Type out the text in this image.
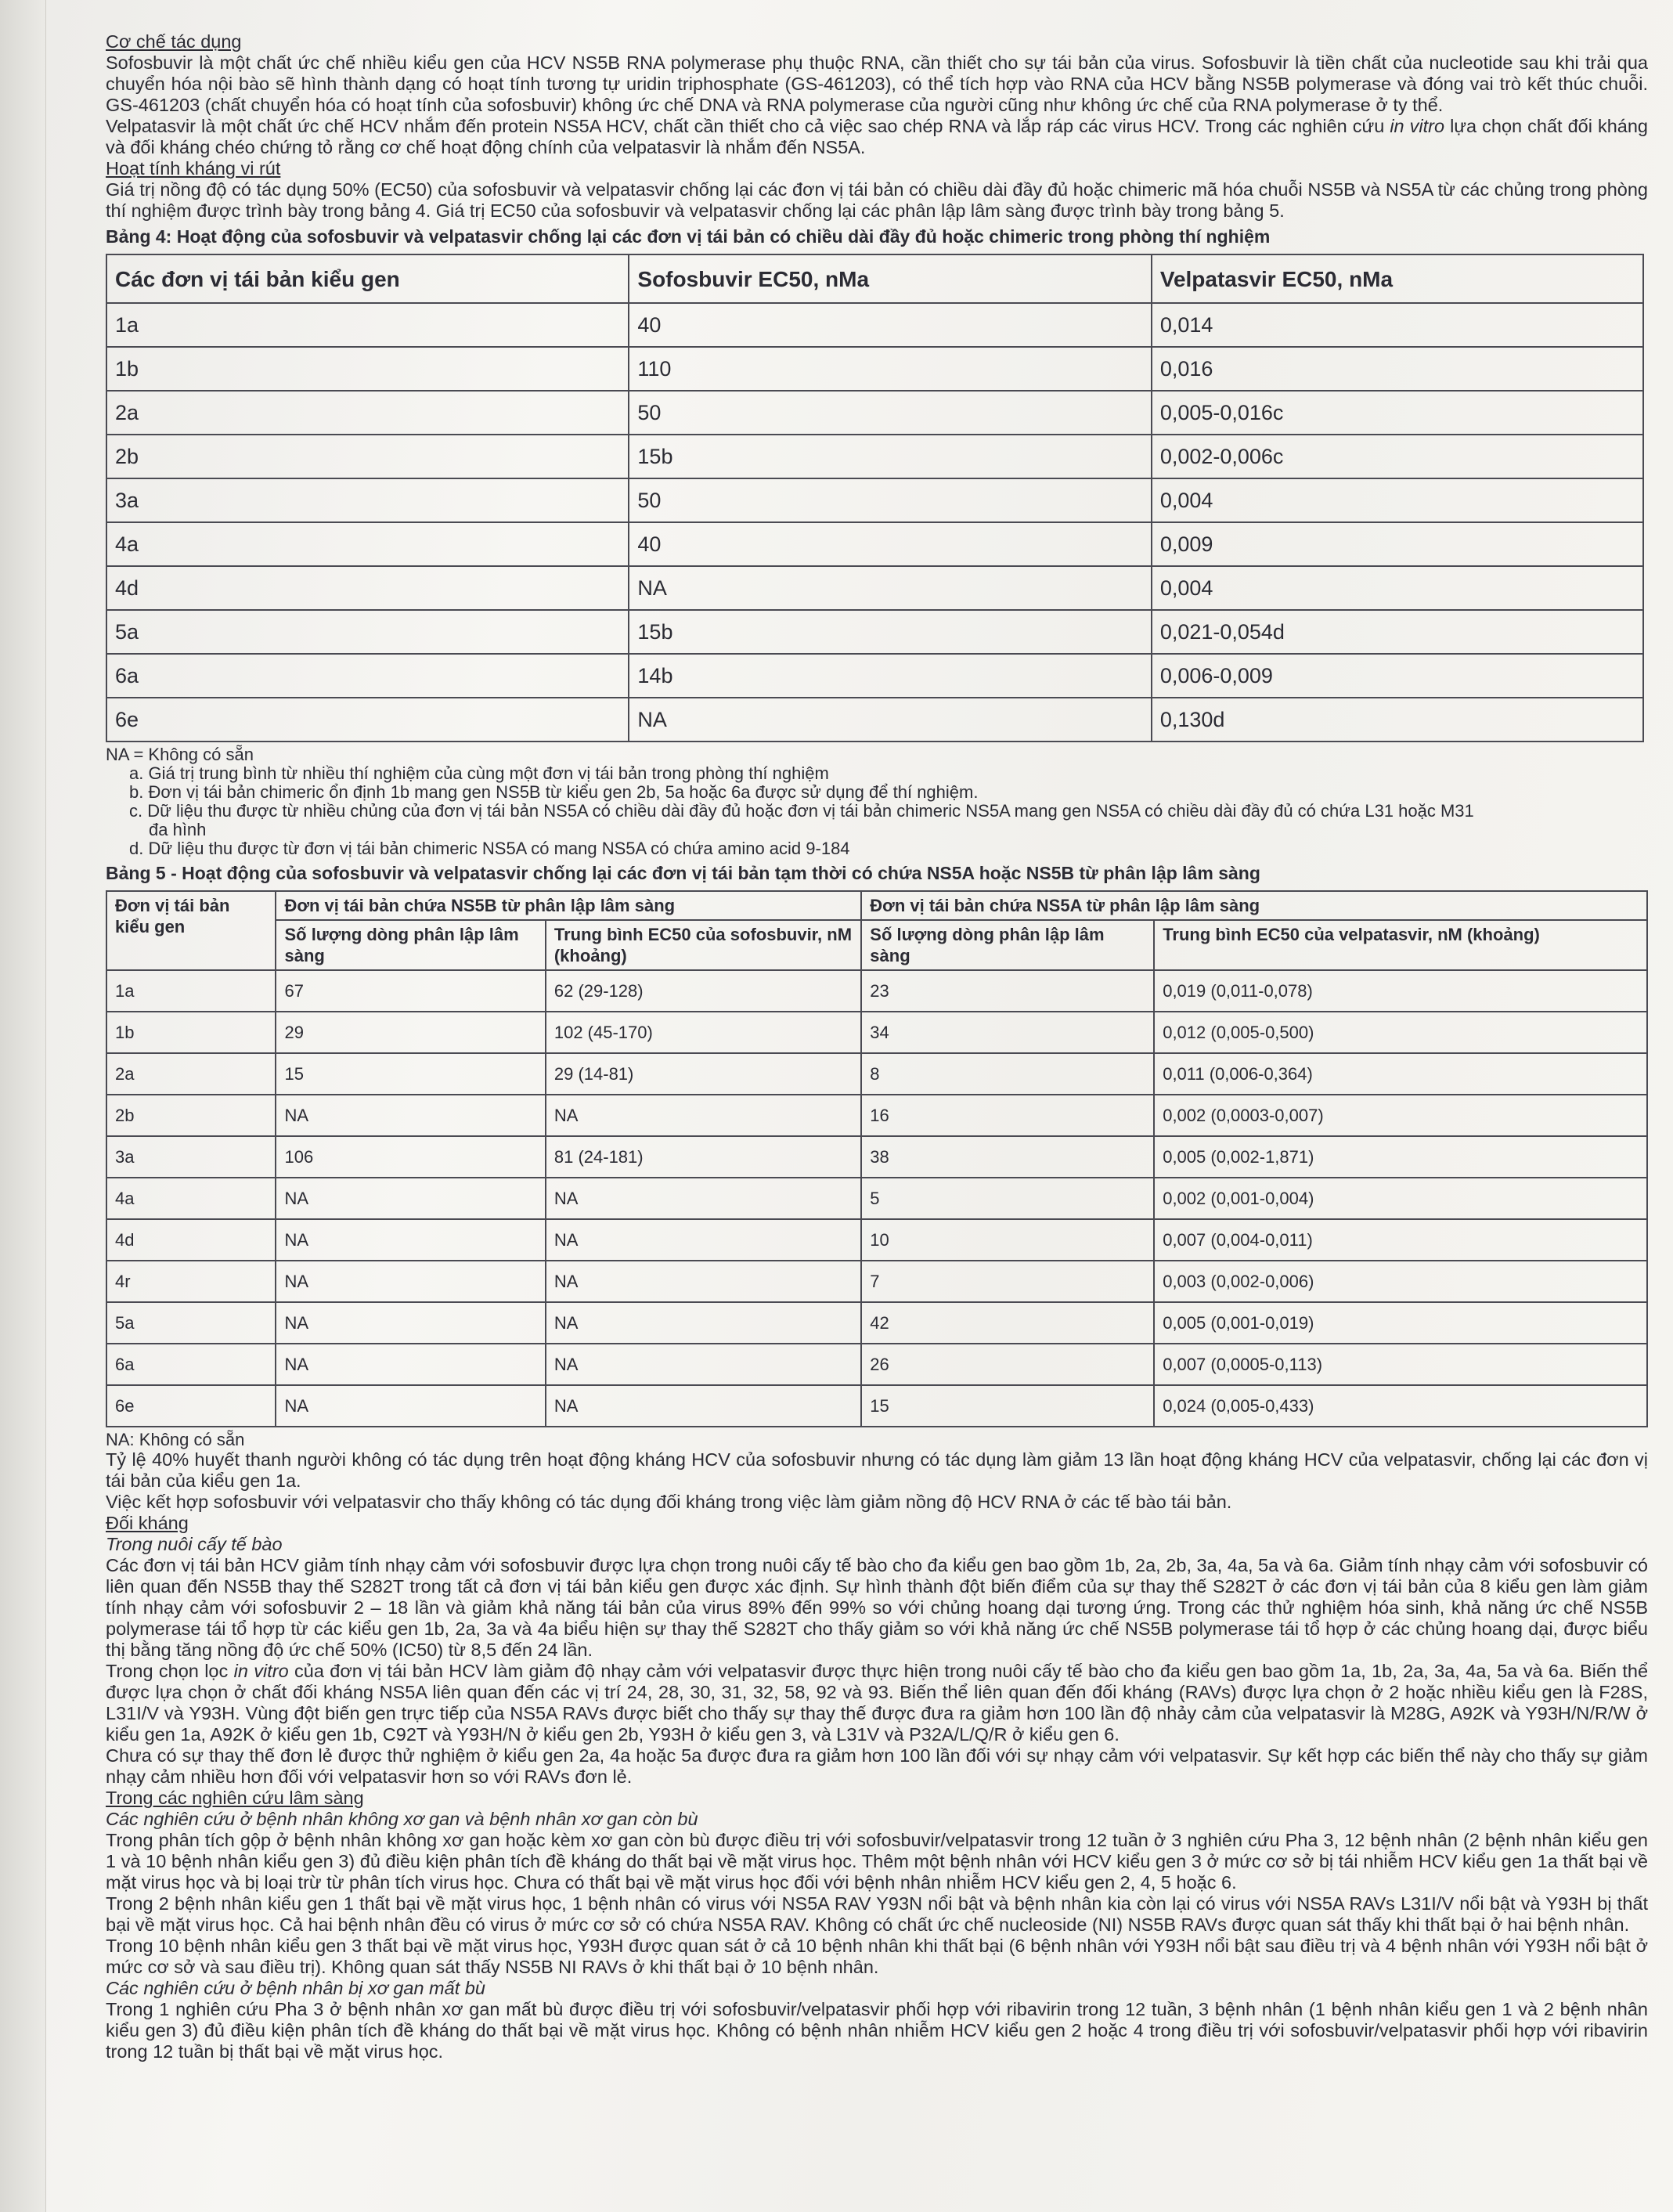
Cơ chế tác dụng

Sofosbuvir là một chất ức chế nhiều kiểu gen của HCV NS5B RNA polymerase phụ thuộc RNA, cần thiết cho sự tái bản của virus. Sofosbuvir là tiền chất của nucleotide sau khi trải qua chuyển hóa nội bào sẽ hình thành dạng có hoạt tính tương tự uridin triphosphate (GS-461203), có thể tích hợp vào RNA của HCV bằng NS5B polymerase và đóng vai trò kết thúc chuỗi. GS-461203 (chất chuyển hóa có hoạt tính của sofosbuvir) không ức chế DNA và RNA polymerase của người cũng như không ức chế của RNA polymerase ở ty thể.

Velpatasvir là một chất ức chế HCV nhắm đến protein NS5A HCV, chất cần thiết cho cả việc sao chép RNA và lắp ráp các virus HCV. Trong các nghiên cứu in vitro lựa chọn chất đối kháng và đối kháng chéo chứng tỏ rằng cơ chế hoạt động chính của velpatasvir là nhắm đến NS5A.

Hoạt tính kháng vi rút

Giá trị nồng độ có tác dụng 50% (EC50) của sofosbuvir và velpatasvir chống lại các đơn vị tái bản có chiều dài đầy đủ hoặc chimeric mã hóa chuỗi NS5B và NS5A từ các chủng trong phòng thí nghiệm được trình bày trong bảng 4. Giá trị EC50 của sofosbuvir và velpatasvir chống lại các phân lập lâm sàng được trình bày trong bảng 5.

Bảng 4: Hoạt động của sofosbuvir và velpatasvir chống lại các đơn vị tái bản có chiều dài đầy đủ hoặc chimeric trong phòng thí nghiệm

Các đơn vị tái bản kiểu gen	Sofosbuvir EC50, nMa	Velpatasvir EC50, nMa
1a	40	0,014
1b	110	0,016
2a	50	0,005-0,016c
2b	15b	0,002-0,006c
3a	50	0,004
4a	40	0,009
4d	NA	0,004
5a	15b	0,021-0,054d
6a	14b	0,006-0,009
6e	NA	0,130d
NA = Không có sẵn
a. Giá trị trung bình từ nhiều thí nghiệm của cùng một đơn vị tái bản trong phòng thí nghiệm
b. Đơn vị tái bản chimeric ổn định 1b mang gen NS5B từ kiểu gen 2b, 5a hoặc 6a được sử dụng để thí nghiệm.
c. Dữ liệu thu được từ nhiều chủng của đơn vị tái bản NS5A có chiều dài đầy đủ hoặc đơn vị tái bản chimeric NS5A mang gen NS5A có chiều dài đầy đủ có chứa L31 hoặc M31
đa hình
d. Dữ liệu thu được từ đơn vị tái bản chimeric NS5A có mang NS5A có chứa amino acid 9-184

Bảng 5 - Hoạt động của sofosbuvir và velpatasvir chống lại các đơn vị tái bản tạm thời có chứa NS5A hoặc NS5B từ phân lập lâm sàng

Đơn vị tái bản kiểu gen	Đơn vị tái bản chứa NS5B từ phân lập lâm sàng		Đơn vị tái bản chứa NS5A từ phân lập lâm sàng	
	Số lượng dòng phân lập lâm sàng	Trung bình EC50 của sofosbuvir, nM (khoảng)	Số lượng dòng phân lập lâm sàng	Trung bình EC50 của velpatasvir, nM (khoảng)
1a	67	62 (29-128)	23	0,019 (0,011-0,078)
1b	29	102 (45-170)	34	0,012 (0,005-0,500)
2a	15	29 (14-81)	8	0,011 (0,006-0,364)
2b	NA	NA	16	0,002 (0,0003-0,007)
3a	106	81 (24-181)	38	0,005 (0,002-1,871)
4a	NA	NA	5	0,002 (0,001-0,004)
4d	NA	NA	10	0,007 (0,004-0,011)
4r	NA	NA	7	0,003 (0,002-0,006)
5a	NA	NA	42	0,005 (0,001-0,019)
6a	NA	NA	26	0,007 (0,0005-0,113)
6e	NA	NA	15	0,024 (0,005-0,433)
NA: Không có sẵn

Tỷ lệ 40% huyết thanh người không có tác dụng trên hoạt động kháng HCV của sofosbuvir nhưng có tác dụng làm giảm 13 lần hoạt động kháng HCV của velpatasvir, chống lại các đơn vị tái bản của kiểu gen 1a.

Việc kết hợp sofosbuvir với velpatasvir cho thấy không có tác dụng đối kháng trong việc làm giảm nồng độ HCV RNA ở các tế bào tái bản.

Đối kháng

Trong nuôi cấy tế bào

Các đơn vị tái bản HCV giảm tính nhạy cảm với sofosbuvir được lựa chọn trong nuôi cấy tế bào cho đa kiểu gen bao gồm 1b, 2a, 2b, 3a, 4a, 5a và 6a. Giảm tính nhạy cảm với sofosbuvir có liên quan đến NS5B thay thế S282T trong tất cả đơn vị tái bản kiểu gen được xác định. Sự hình thành đột biến điểm của sự thay thế S282T ở các đơn vị tái bản của 8 kiểu gen làm giảm tính nhạy cảm với sofosbuvir 2 – 18 lần và giảm khả năng tái bản của virus 89% đến 99% so với chủng hoang dại tương ứng. Trong các thử nghiệm hóa sinh, khả năng ức chế NS5B polymerase tái tổ hợp từ các kiểu gen 1b, 2a, 3a và 4a biểu hiện sự thay thế S282T cho thấy giảm so với khả năng ức chế NS5B polymerase tái tổ hợp ở các chủng hoang dại, được biểu thị bằng tăng nồng độ ức chế 50% (IC50) từ 8,5 đến 24 lần.

Trong chọn lọc in vitro của đơn vị tái bản HCV làm giảm độ nhạy cảm với velpatasvir được thực hiện trong nuôi cấy tế bào cho đa kiểu gen bao gồm 1a, 1b, 2a, 3a, 4a, 5a và 6a. Biến thể được lựa chọn ở chất đối kháng NS5A liên quan đến các vị trí 24, 28, 30, 31, 32, 58, 92 và 93. Biến thể liên quan đến đối kháng (RAVs) được lựa chọn ở 2 hoặc nhiều kiểu gen là F28S, L31I/V và Y93H. Vùng đột biến gen trực tiếp của NS5A RAVs được biết cho thấy sự thay thế được đưa ra giảm hơn 100 lần độ nhảy cảm của velpatasvir là M28G, A92K và Y93H/N/R/W ở kiểu gen 1a, A92K ở kiểu gen 1b, C92T và Y93H/N ở kiểu gen 2b, Y93H ở kiểu gen 3, và L31V và P32A/L/Q/R ở kiểu gen 6.

Chưa có sự thay thế đơn lẻ được thử nghiệm ở kiểu gen 2a, 4a hoặc 5a được đưa ra giảm hơn 100 lần đối với sự nhạy cảm với velpatasvir. Sự kết hợp các biến thể này cho thấy sự giảm nhạy cảm nhiều hơn đối với velpatasvir hơn so với RAVs đơn lẻ.

Trong các nghiên cứu lâm sàng

Các nghiên cứu ở bệnh nhân không xơ gan và bệnh nhân xơ gan còn bù

Trong phân tích gộp ở bệnh nhân không xơ gan hoặc kèm xơ gan còn bù được điều trị với sofosbuvir/velpatasvir trong 12 tuần ở 3 nghiên cứu Pha 3, 12 bệnh nhân (2 bệnh nhân kiểu gen 1 và 10 bệnh nhân kiểu gen 3) đủ điều kiện phân tích đề kháng do thất bại về mặt virus học. Thêm một bệnh nhân với HCV kiểu gen 3 ở mức cơ sở bị tái nhiễm HCV kiểu gen 1a thất bại về mặt virus học và bị loại trừ từ phân tích virus học. Chưa có thất bại về mặt virus học đối với bệnh nhân nhiễm HCV kiểu gen 2, 4, 5 hoặc 6.

Trong 2 bệnh nhân kiểu gen 1 thất bại về mặt virus học, 1 bệnh nhân có virus với NS5A RAV Y93N nổi bật và bệnh nhân kia còn lại có virus với NS5A RAVs L31I/V nổi bật và Y93H bị thất bại về mặt virus học. Cả hai bệnh nhân đều có virus ở mức cơ sở có chứa NS5A RAV. Không có chất ức chế nucleoside (NI) NS5B RAVs được quan sát thấy khi thất bại ở hai bệnh nhân.

Trong 10 bệnh nhân kiểu gen 3 thất bại về mặt virus học, Y93H được quan sát ở cả 10 bệnh nhân khi thất bại (6 bệnh nhân với Y93H nổi bật sau điều trị và 4 bệnh nhân với Y93H nổi bật ở mức cơ sở và sau điều trị). Không quan sát thấy NS5B NI RAVs ở khi thất bại ở 10 bệnh nhân.

Các nghiên cứu ở bệnh nhân bị xơ gan mất bù

Trong 1 nghiên cứu Pha 3 ở bệnh nhân xơ gan mất bù được điều trị với sofosbuvir/velpatasvir phối hợp với ribavirin trong 12 tuần, 3 bệnh nhân (1 bệnh nhân kiểu gen 1 và 2 bệnh nhân kiểu gen 3) đủ điều kiện phân tích đề kháng do thất bại về mặt virus học. Không có bệnh nhân nhiễm HCV kiểu gen 2 hoặc 4 trong điều trị với sofosbuvir/velpatasvir phối hợp với ribavirin trong 12 tuần bị thất bại về mặt virus học.
